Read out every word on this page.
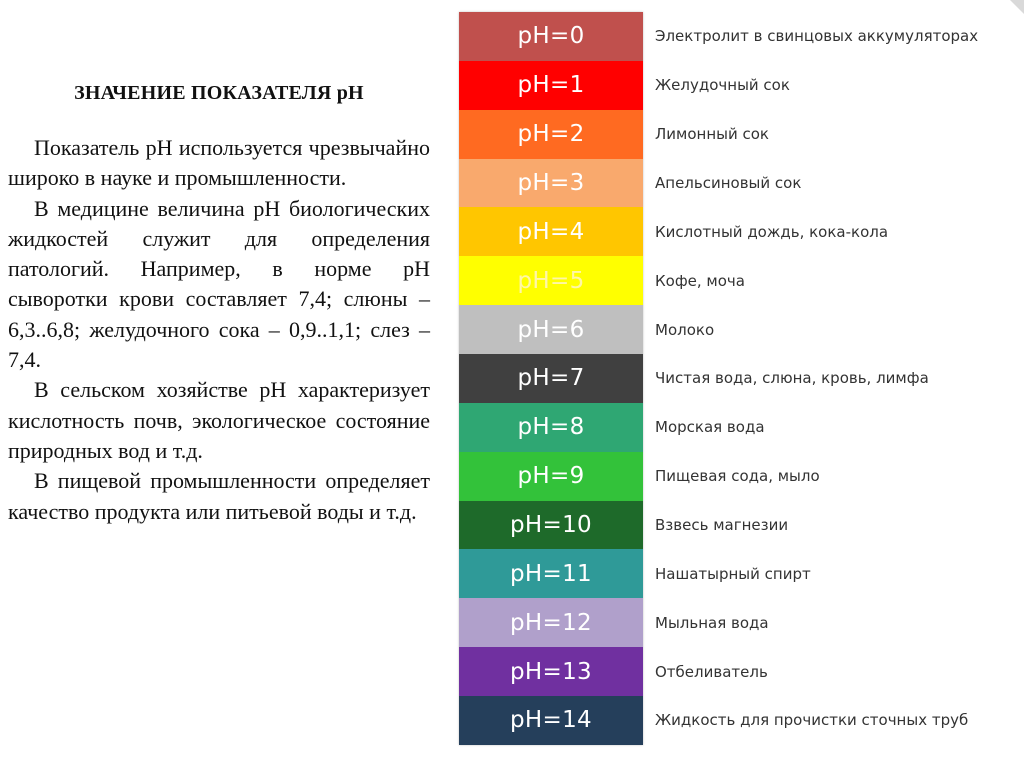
ЗНАЧЕНИЕ ПОКАЗАТЕЛЯ pH

Показатель pH используется чрезвычайно широко в науке и промышленности.

В медицине величина pH биологических жидкостей служит для определения патологий. Например, в норме pH сыворотки крови составляет 7,4; слюны – 6,3..6,8; желудочного сока – 0,9..1,1; слез – 7,4.

В сельском хозяйстве pH характеризует кислотность почв, экологическое состояние природных вод и т.д.

В пищевой промышленности определяет качество продукта или питьевой воды и т.д.

pH=0
pH=1
pH=2
pH=3
pH=4
pH=5
pH=6
pH=7
pH=8
pH=9
pH=10
pH=11
pH=12
pH=13
pH=14
Электролит в свинцовых аккумуляторах
Желудочный сок
Лимонный сок
Апельсиновый сок
Кислотный дождь, кока-кола
Кофе, моча
Молоко
Чистая вода, слюна, кровь, лимфа
Морская вода
Пищевая сода, мыло
Взвесь магнезии
Нашатырный спирт
Мыльная вода
Отбеливатель
Жидкость для прочистки сточных труб
